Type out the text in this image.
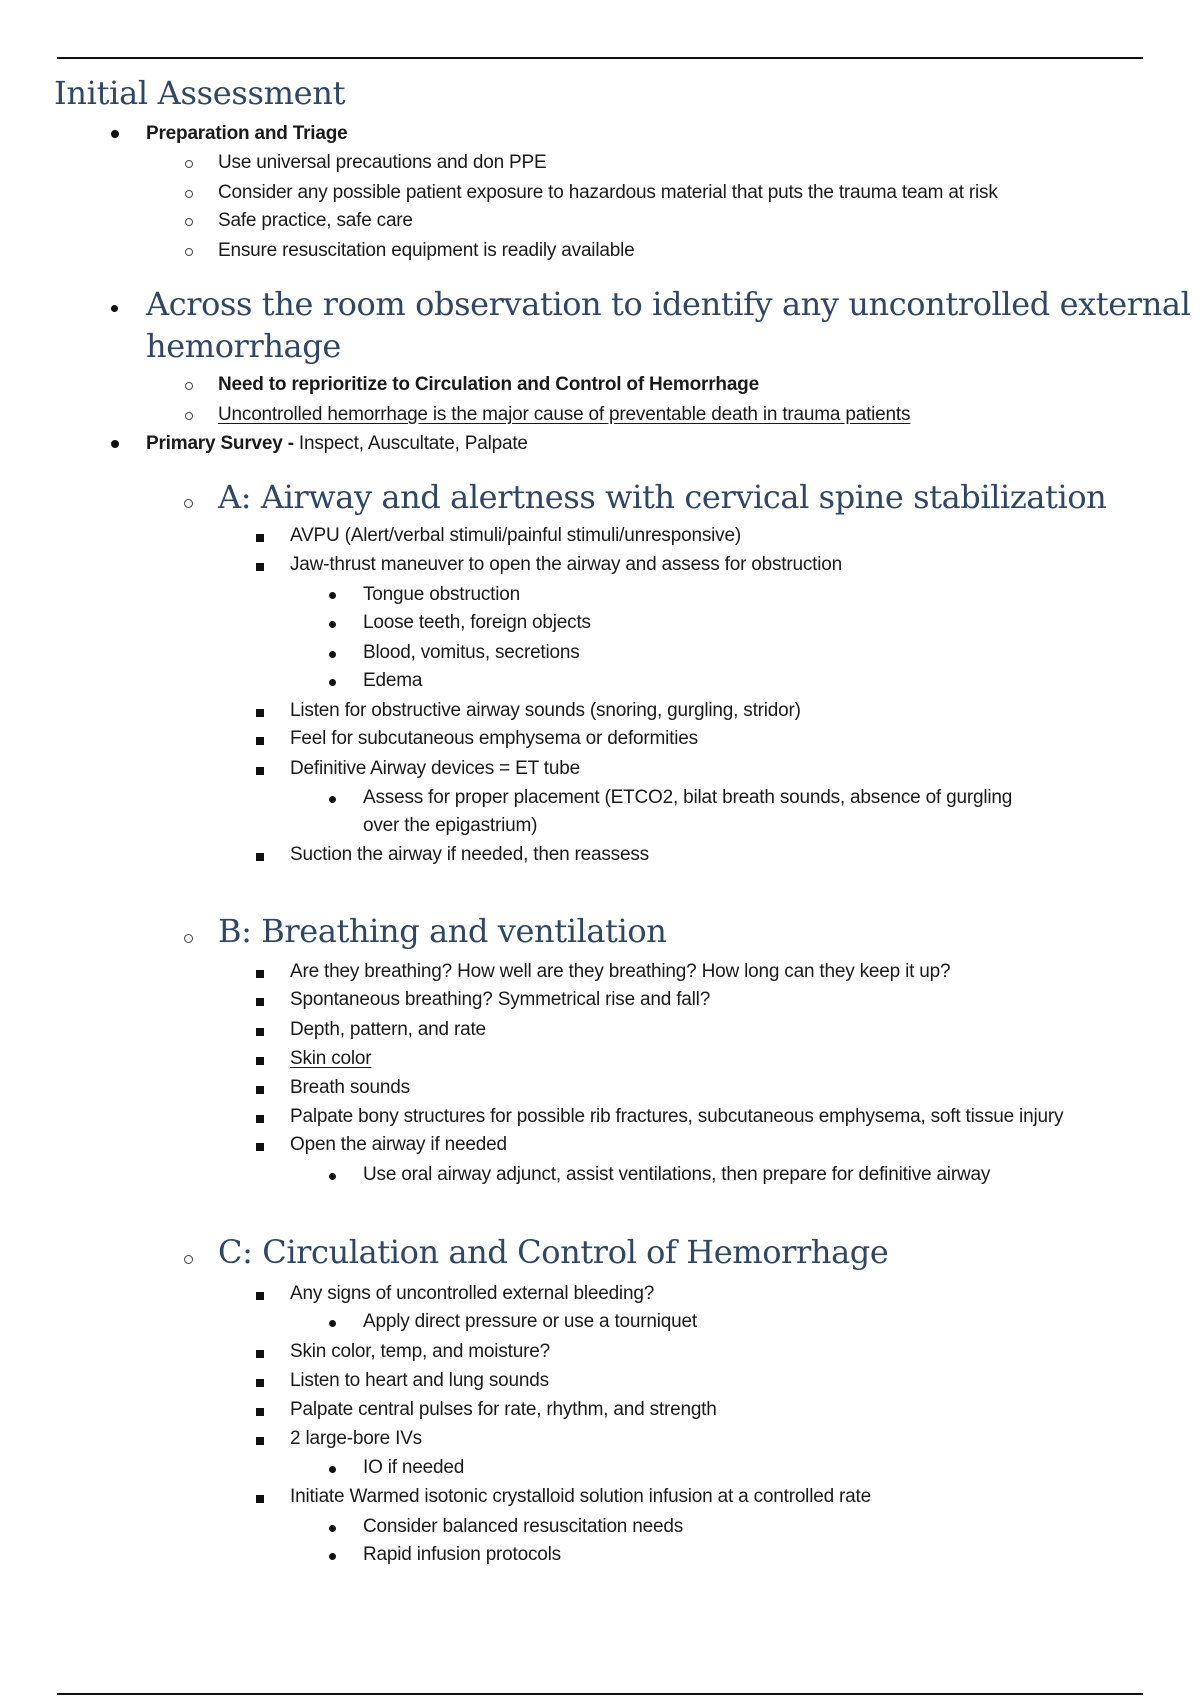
Initial Assessment
Preparation and Triage
Use universal precautions and don PPE
Consider any possible patient exposure to hazardous material that puts the trauma team at risk
Safe practice, safe care
Ensure resuscitation equipment is readily available
Across the room observation to identify any uncontrolled external
hemorrhage
Need to reprioritize to Circulation and Control of Hemorrhage
Uncontrolled hemorrhage is the major cause of preventable death in trauma patients
Primary Survey - Inspect, Auscultate, Palpate
A: Airway and alertness with cervical spine stabilization
AVPU (Alert/verbal stimuli/painful stimuli/unresponsive)
Jaw-thrust maneuver to open the airway and assess for obstruction
Tongue obstruction
Loose teeth, foreign objects
Blood, vomitus, secretions
Edema
Listen for obstructive airway sounds (snoring, gurgling, stridor)
Feel for subcutaneous emphysema or deformities
Definitive Airway devices = ET tube
Assess for proper placement (ETCO2, bilat breath sounds, absence of gurgling
over the epigastrium)
Suction the airway if needed, then reassess
B: Breathing and ventilation
Are they breathing? How well are they breathing? How long can they keep it up?
Spontaneous breathing? Symmetrical rise and fall?
Depth, pattern, and rate
Skin color
Breath sounds
Palpate bony structures for possible rib fractures, subcutaneous emphysema, soft tissue injury
Open the airway if needed
Use oral airway adjunct, assist ventilations, then prepare for definitive airway
C: Circulation and Control of Hemorrhage
Any signs of uncontrolled external bleeding?
Apply direct pressure or use a tourniquet
Skin color, temp, and moisture?
Listen to heart and lung sounds
Palpate central pulses for rate, rhythm, and strength
2 large-bore IVs
IO if needed
Initiate Warmed isotonic crystalloid solution infusion at a controlled rate
Consider balanced resuscitation needs
Rapid infusion protocols
